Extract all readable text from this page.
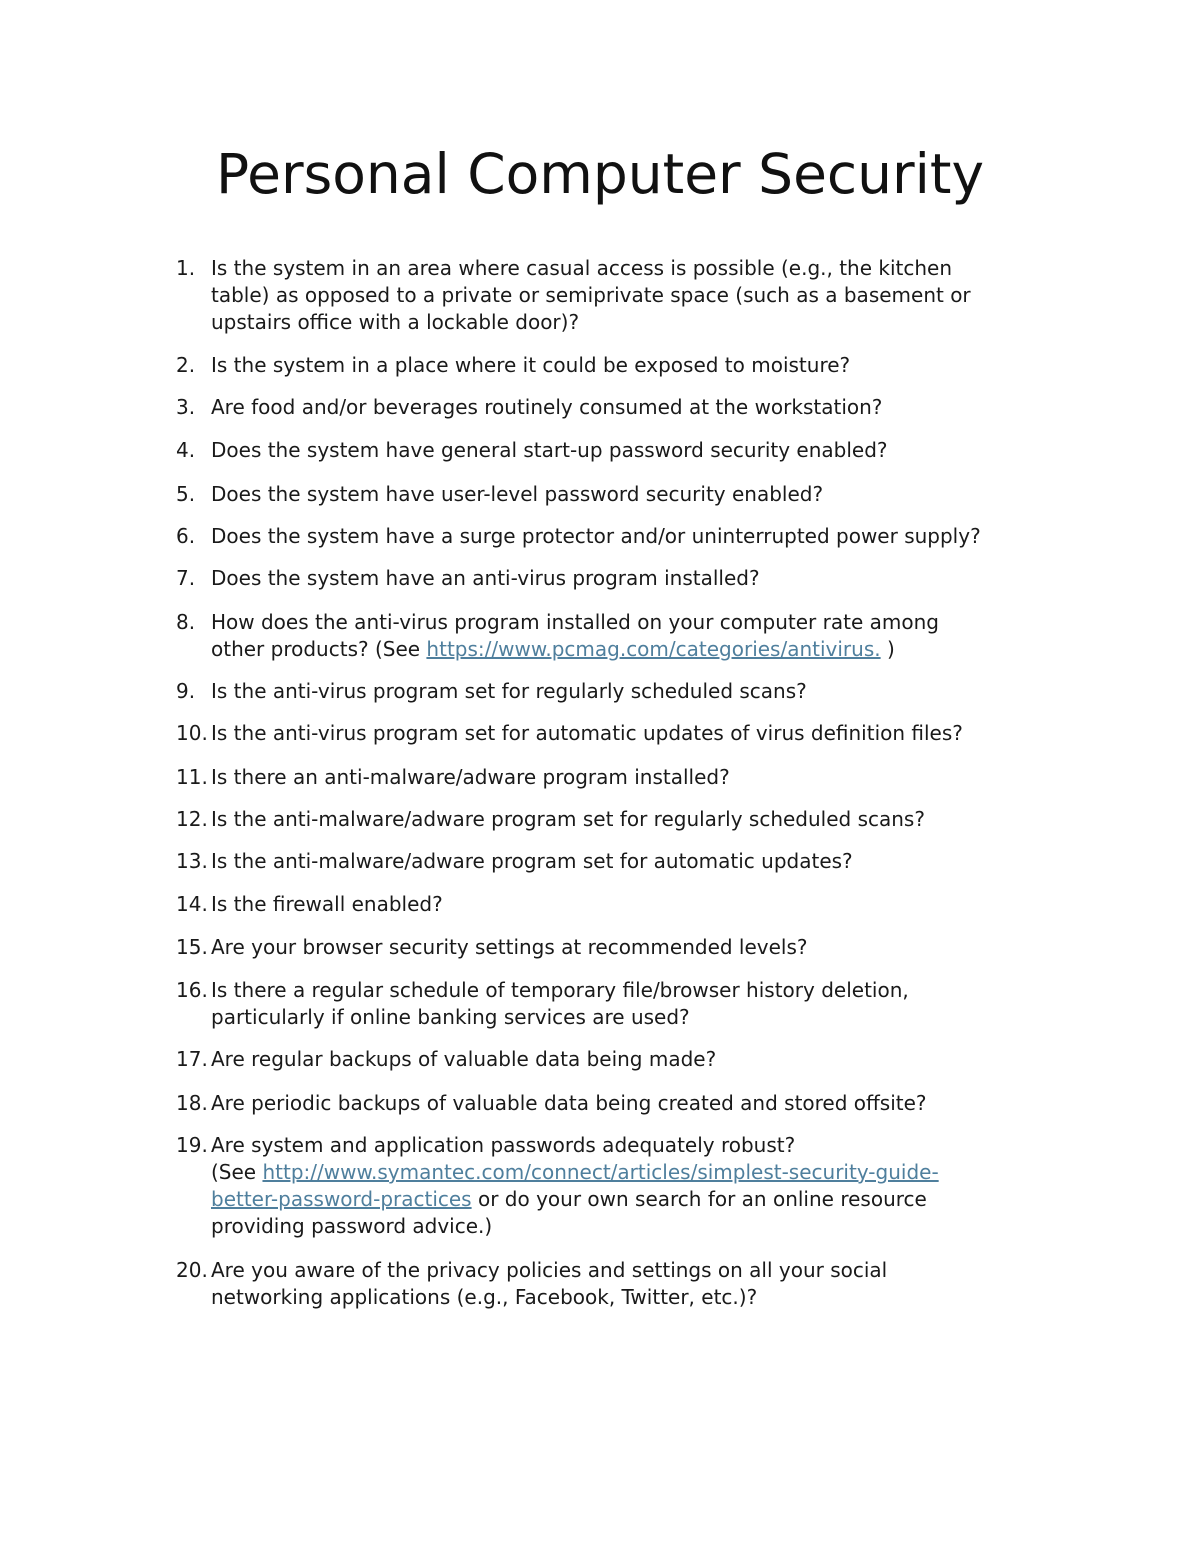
Personal Computer Security
1. Is the system in an area where casual access is possible (e.g., the kitchen
table) as opposed to a private or semiprivate space (such as a basement or
upstairs office with a lockable door)?
2. Is the system in a place where it could be exposed to moisture?
3. Are food and/or beverages routinely consumed at the workstation?
4. Does the system have general start-up password security enabled?
5. Does the system have user-level password security enabled?
6. Does the system have a surge protector and/or uninterrupted power supply?
7. Does the system have an anti-virus program installed?
8. How does the anti-virus program installed on your computer rate among
other products? (See https://www.pcmag.com/categories/antivirus. )
9. Is the anti-virus program set for regularly scheduled scans?
10. Is the anti-virus program set for automatic updates of virus definition files?
11. Is there an anti-malware/adware program installed?
12. Is the anti-malware/adware program set for regularly scheduled scans?
13. Is the anti-malware/adware program set for automatic updates?
14. Is the firewall enabled?
15. Are your browser security settings at recommended levels?
16. Is there a regular schedule of temporary file/browser history deletion,
particularly if online banking services are used?
17. Are regular backups of valuable data being made?
18. Are periodic backups of valuable data being created and stored offsite?
19. Are system and application passwords adequately robust?
(See http://www.symantec.com/connect/articles/simplest-security-guide-
better-password-practices or do your own search for an online resource
providing password advice.)
20. Are you aware of the privacy policies and settings on all your social
networking applications (e.g., Facebook, Twitter, etc.)?
